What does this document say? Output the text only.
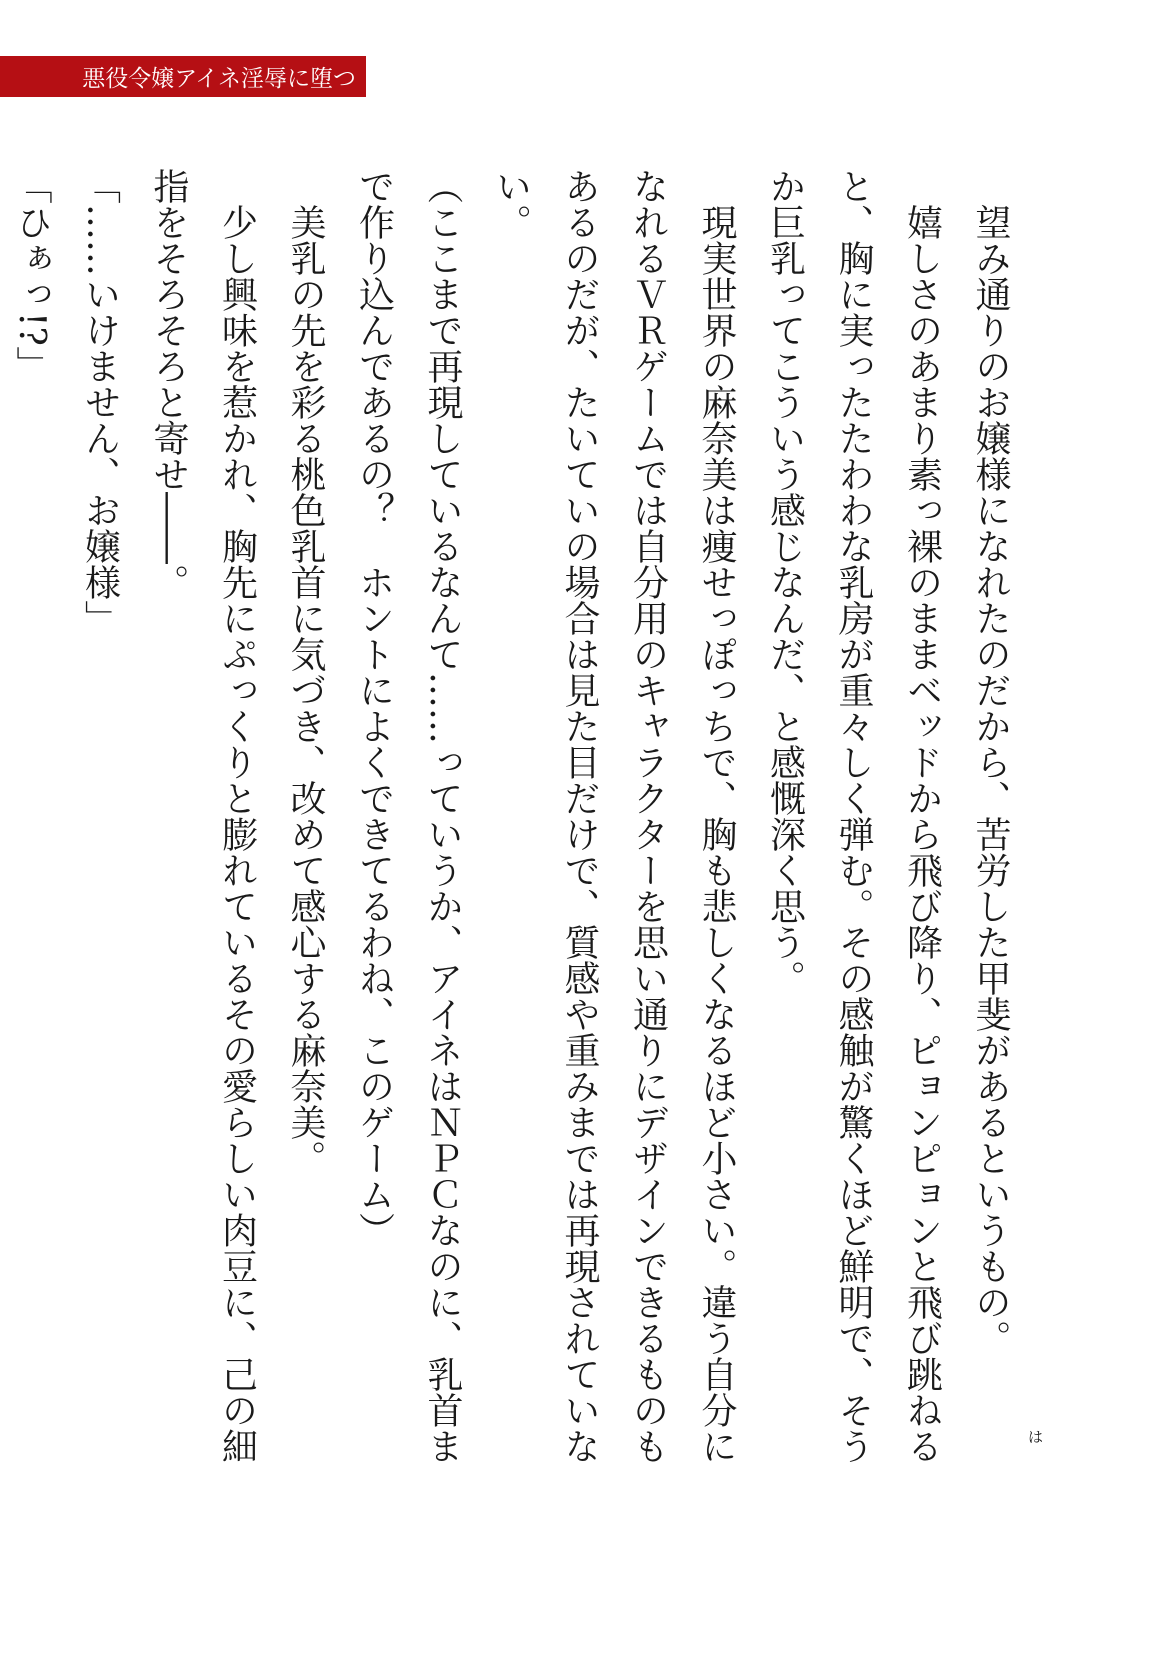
悪役令嬢アイネ淫辱に堕つ
　望み通りのお嬢様になれたのだから、苦労した甲斐があるというもの。
　嬉しさのあまり素っ裸のままベッドから飛び降り、ピョンピョンと飛び跳ねる
と、胸に実ったたわわな乳房が重々しく弾む。その感触が驚くほど鮮明で、そう
か巨乳ってこういう感じなんだ、と感慨深く思う。
　現実世界の麻奈美は痩せっぽっちで、胸も悲しくなるほど小さい。違う自分に
なれるＶＲゲームでは自分用のキャラクターを思い通りにデザインできるものも
あるのだが、たいていの場合は見た目だけで、質感や重みまでは再現されていな
い。
（ここまで再現しているなんて……っていうか、アイネはＮＰＣなのに、乳首ま
で作り込んであるの？　ホントによくできてるわね、このゲーム）
　美乳の先を彩る桃色乳首に気づき、改めて感心する麻奈美。
　少し興味を惹かれ、胸先にぷっくりと膨れているその愛らしい肉豆に、己の細
指をそろそろと寄せ――。
「……いけません、お嬢様」
「ひぁっ!?」
は
